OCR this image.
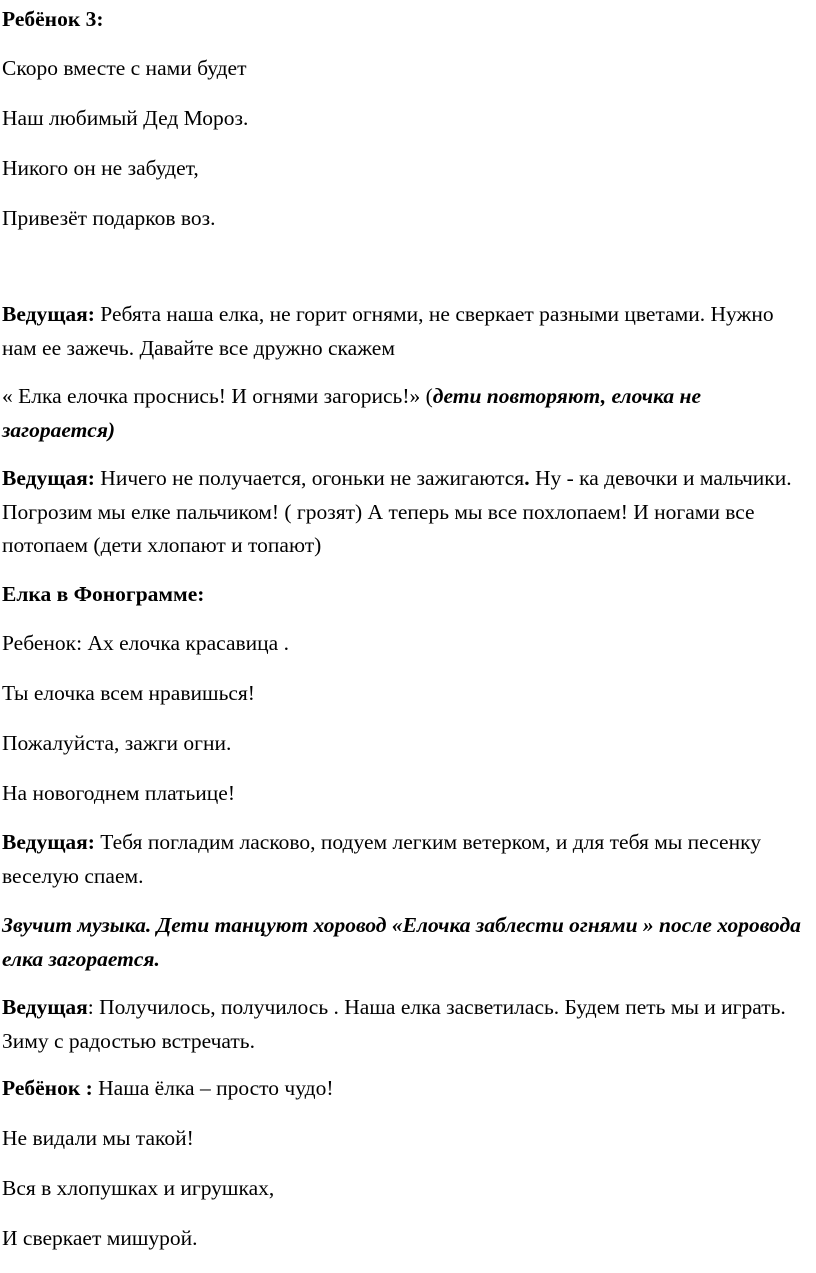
Ребёнок 3:
Скоро вместе с нами будет
Наш любимый Дед Мороз.
Никого он не забудет,
Привезёт подарков воз.
Ведущая: Ребята наша елка, не горит огнями, не сверкает разными цветами. Нужно нам ее зажечь. Давайте все дружно скажем
« Елка елочка проснись! И огнями загорись!» (дети повторяют, елочка не загорается)
Ведущая: Ничего не получается, огоньки не зажигаются. Ну - ка девочки и мальчики. Погрозим мы елке пальчиком! ( грозят) А теперь мы все похлопаем! И ногами все потопаем (дети хлопают и топают)
Елка в Фонограмме:
Ребенок: Ах елочка красавица .
Ты елочка всем нравишься!
Пожалуйста, зажги огни.
На новогоднем платьице!
Ведущая: Тебя погладим ласково, подуем легким ветерком, и для тебя мы песенку веселую спаем.
Звучит музыка. Дети танцуют хоровод «Елочка заблести огнями » после хоровода елка загорается.
Ведущая: Получилось, получилось . Наша елка засветилась. Будем петь мы и играть. Зиму с радостью встречать.
Ребёнок : Наша ёлка – просто чудо!
Не видали мы такой!
Вся в хлопушках и игрушках,
И сверкает мишурой.
